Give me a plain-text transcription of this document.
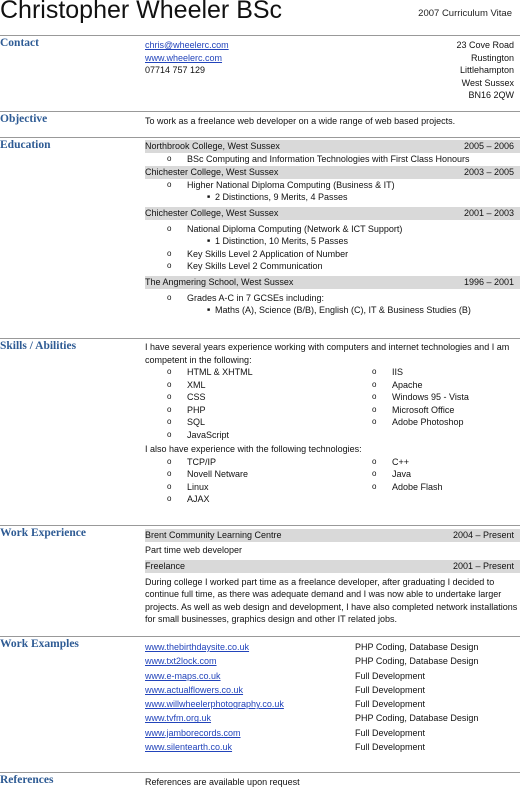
Christopher Wheeler BSc	2007 Curriculum Vitae
Contact	chris@wheelerc.com
www.wheelerc.com
07714 757 129
23 Cove Road
Rustington
Littlehampton
West Sussex
BN16 2QW
Objective	To work as a freelance web developer on a wide range of web based projects.
Education	Northbrook College, West Sussex	2005 – 2006
o BSc Computing and Information Technologies with First Class Honours
Chichester College, West Sussex	2003 – 2005
o Higher National Diploma Computing (Business & IT)
■ 2 Distinctions, 9 Merits, 4 Passes
Chichester College, West Sussex	2001 – 2003
o National Diploma Computing (Network & ICT Support)
■ 1 Distinction, 10 Merits, 5 Passes
o Key Skills Level 2 Application of Number
o Key Skills Level 2 Communication
The Angmering School, West Sussex	1996 – 2001
o Grades A-C in 7 GCSEs including:
■ Maths (A), Science (B/B), English (C), IT & Business Studies (B)
Skills / Abilities	I have several years experience working with computers and internet technologies and I am competent in the following:

o HTML & XHTML
o XML
o CSS
o PHP
o SQL
o JavaScript
o IIS
o Apache
o Windows 95 - Vista
o Microsoft Office
o Adobe Photoshop

I also have experience with the following technologies:

o TCP/IP
o Novell Netware
o Linux
o AJAX
o C++
o Java
o Adobe Flash
Work Experience	Brent Community Learning Centre	2004 – Present

Part time web developer

Freelance	2001 – Present

During college I worked part time as a freelance developer, after graduating I decided to continue full time, as there was adequate demand and I was now able to undertake larger projects. As well as web design and development, I have also completed network installations for small businesses, graphics design and other IT related jobs.

Work Examples	www.thebirthdaysite.co.uk	PHP Coding, Database Design
www.txt2lock.com	PHP Coding, Database Design
www.e-maps.co.uk	Full Development
www.actualflowers.co.uk	Full Development
www.willwheelerphotography.co.uk	Full Development
www.tvfm.org.uk	PHP Coding, Database Design
www.jamborecords.com	Full Development
www.silentearth.co.uk	Full Development
References	References are available upon request
